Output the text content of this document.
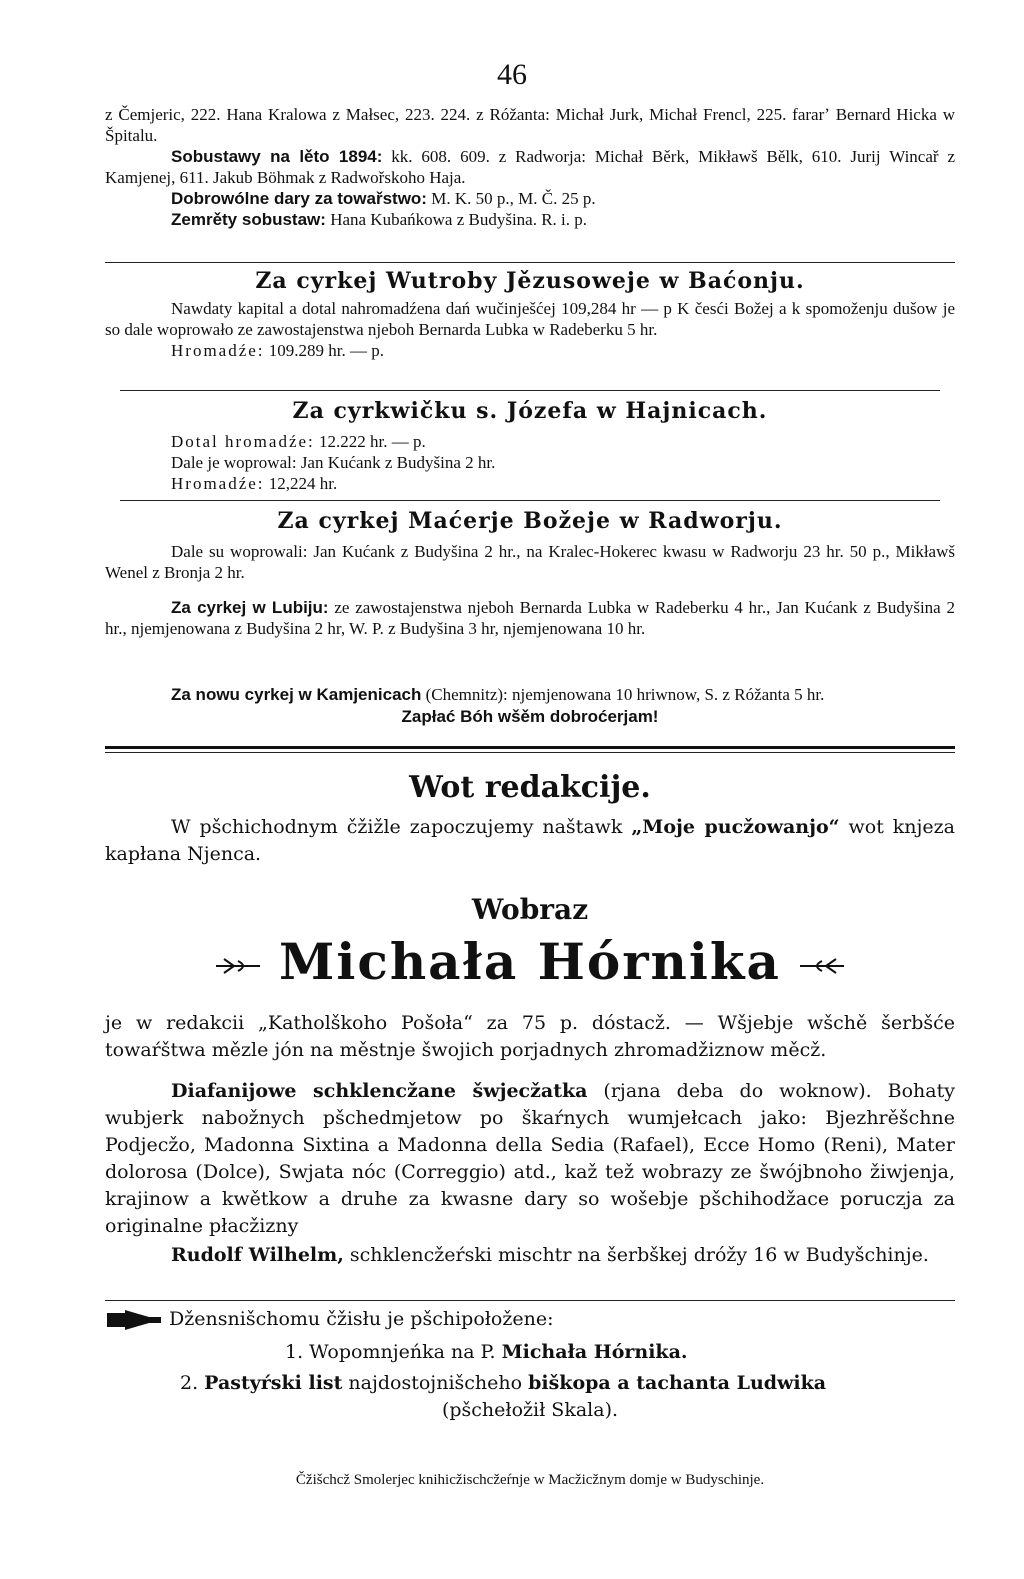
46
z Čemjeric, 222. Hana Kralowa z Małsec, 223. 224. z Róžanta: Michał Jurk, Michał Frencl, 225. fararʼ Bernard Hicka w Špitalu.
Sobustawy na lěto 1894: kk. 608. 609. z Radworja: Michał Běrk, Mikławš Bělk, 610. Jurij Wincař z Kamjenej, 611. Jakub Böhmak z Radwořskoho Haja.
Dobrowólne dary za towařstwo: M. K. 50 p., M. Č. 25 p.
Zemrěty sobustaw: Hana Kubańkowa z Budyšina. R. i. p.
Za cyrkej Wutroby Jězusoweje w Baćonju.
Nawdaty kapital a dotal nahromadźena dań wučinješćej 109,284 hr — p K česći Božej a k spomoženju dušow je so dale woprowało ze zawostajenstwa njeboh Bernarda Lubka w Radeberku 5 hr.
Hromadźe: 109.289 hr. — p.
Za cyrkwičku s. Józefa w Hajnicach.
Dotal hromadźe: 12.222 hr. — p.
Dale je woprowal: Jan Kućank z Budyšina 2 hr.
Hromadźe: 12,224 hr.
Za cyrkej Maćerje Božeje w Radworju.
Dale su woprowali: Jan Kućank z Budyšina 2 hr., na Kralec-Hokerec kwasu w Radworju 23 hr. 50 p., Mikławš Wenel z Bronja 2 hr.
Za cyrkej w Lubiju: ze zawostajenstwa njeboh Bernarda Lubka w Radeberku 4 hr., Jan Kućank z Budyšina 2 hr., njemjenowana z Budyšina 2 hr, W. P. z Budyšina 3 hr, njemjenowana 10 hr.
Za nowu cyrkej w Kamjenicach (Chemnitz): njemjenowana 10 hriwnow, S. z Róžanta 5 hr.
Zapłać Bóh wšěm dobroćerjam!
Wot redakcije.
W pšchichodnym čžižle zapoczujemy naštawk „Moje pucžowanjo“ wot knjeza kapłana Njenca.
Wobraz
Michała Hórnika
je w redakcii „Katholškoho Pošoła“ za 75 p. dóstacž. — Wšjebje wšchě šerbšće towaŕštwa mězle jón na městnje šwojich porjadnych zhromadžiznow měcž.
Diafanijowe schklencžane šwjecžatka (rjana deba do woknow). Bohaty wubjerk nabožnych pšchedmjetow po škaŕnych wumjełcach jako: Bjezhrěšchne Podjecžo, Madonna Sixtina a Madonna della Sedia (Rafael), Ecce Homo (Reni), Mater dolorosa (Dolce), Swjata nóc (Correggio) atd., kaž tež wobrazy ze šwójbnoho žiwjenja, krajinow a kwětkow a druhe za kwasne dary so wošebje pšchihodžace poruczja za originalne płacžizny
Rudolf Wilhelm, schklencžeŕski mischtr na šerbškej dróžy 16 w Budyšchinje.
Džensnišchomu čžisłu je pšchipołožene:
1. Wopomnjeńka na P. Michała Hórnika.
2. Pastyŕski list najdostojnišcheho biškopa a tachanta Ludwika
(pšchełožił Skala).
Čžišchcž Smolerjec knihicžischcžeŕnje w Macžicžnym domje w Budyschinje.
